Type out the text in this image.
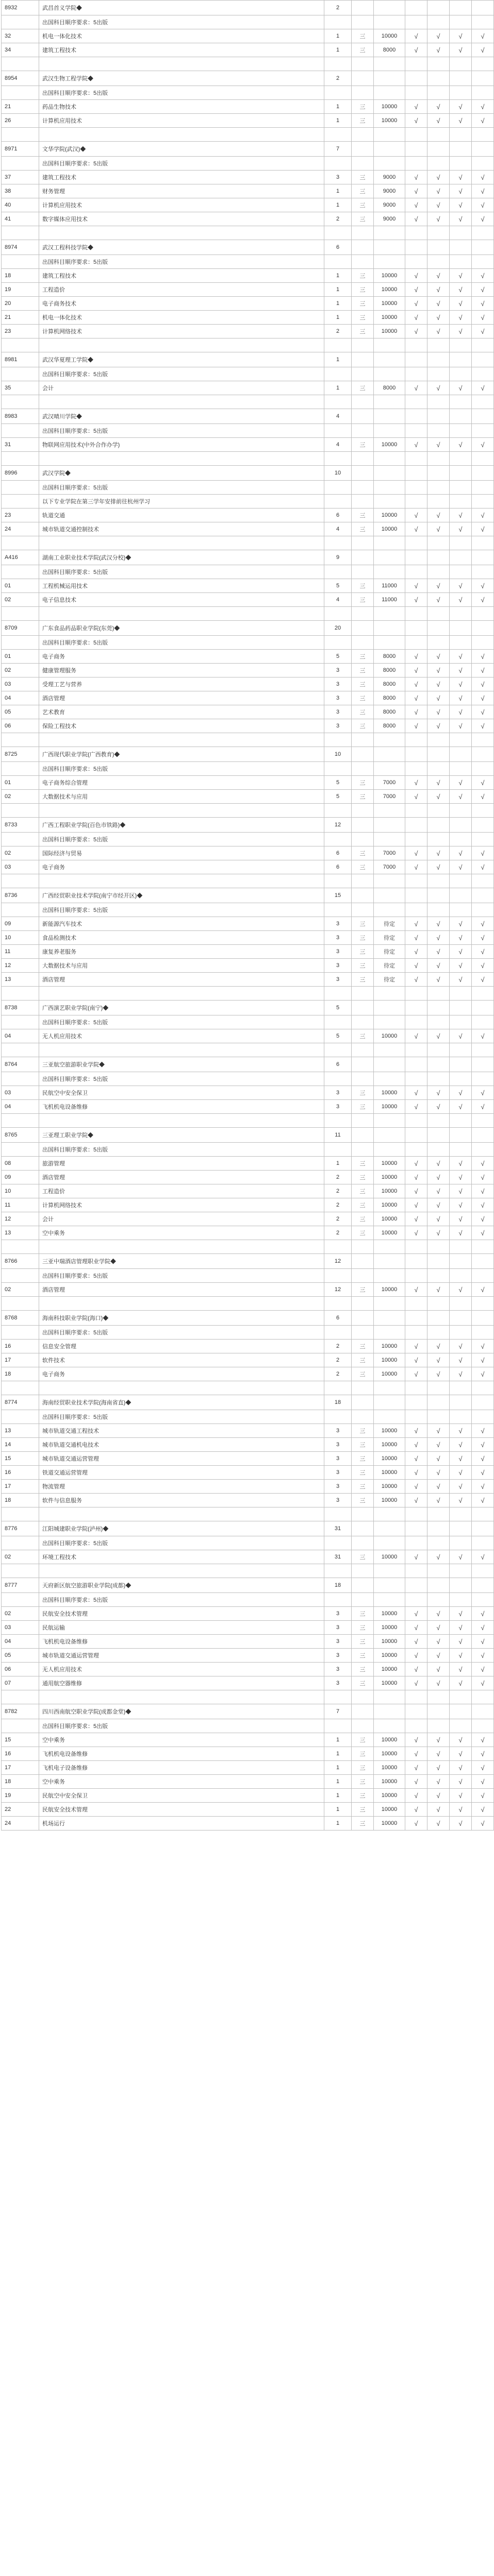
8932	武昌首义学院◆	2						
	出国科目顺序要求：5出版							
32	机电一体化技术	1	三	10000	√	√	√	√
34	建筑工程技术	1	三	8000	√	√	√	√

8954	武汉生物工程学院◆	2						
	出国科目顺序要求：5出版							
21	药品生物技术	1	三	10000	√	√	√	√
26	计算机应用技术	1	三	10000	√	√	√	√

8971	文华学院(武汉)◆	7						
	出国科目顺序要求：5出版							
37	建筑工程技术	3	三	9000	√	√	√	√
38	财务管理	1	三	9000	√	√	√	√
40	计算机应用技术	1	三	9000	√	√	√	√
41	数字媒体应用技术	2	三	9000	√	√	√	√

8974	武汉工程科技学院◆	6						
	出国科目顺序要求：5出版							
18	建筑工程技术	1	三	10000	√	√	√	√
19	工程造价	1	三	10000	√	√	√	√
20	电子商务技术	1	三	10000	√	√	√	√
21	机电一体化技术	1	三	10000	√	√	√	√
23	计算机网络技术	2	三	10000	√	√	√	√

8981	武汉华夏理工学院◆	1						
	出国科目顺序要求：5出版							
35	会计	1	三	8000	√	√	√	√

8983	武汉晴川学院◆	4						
	出国科目顺序要求：5出版							
31	物联网应用技术(中外合作办学)	4	三	10000	√	√	√	√

8996	武汉学院◆	10						
	出国科目顺序要求：5出版							
	以下专业学院在第三学年安排前往杭州学习							
23	轨道交通	6	三	10000	√	√	√	√
24	城市轨道交通控制技术	4	三	10000	√	√	√	√

A416	湖南工业职业技术学院(武汉分校)◆	9						
	出国科目顺序要求：5出版							
01	工程机械运用技术	5	三	11000	√	√	√	√
02	电子信息技术	4	三	11000	√	√	√	√

8709	广东食品药品职业学院(东莞)◆	20						
	出国科目顺序要求：5出版							
01	电子商务	5	三	8000	√	√	√	√
02	健康管理服务	3	三	8000	√	√	√	√
03	受理工艺与营养	3	三	8000	√	√	√	√
04	酒店管理	3	三	8000	√	√	√	√
05	艺术教育	3	三	8000	√	√	√	√
06	保险工程技术	3	三	8000	√	√	√	√

8725	广西现代职业学院(广西教育)◆	10						
	出国科目顺序要求：5出版							
01	电子商务综合管理	5	三	7000	√	√	√	√
02	大数据技术与应用	5	三	7000	√	√	√	√

8733	广西工程职业学院(百色市铁路)◆	12						
	出国科目顺序要求：5出版							
02	国际经济与贸易	6	三	7000	√	√	√	√
03	电子商务	6	三	7000	√	√	√	√

8736	广西经贸职业技术学院(南宁市经开区)◆	15						
	出国科目顺序要求：5出版							
09	新能源汽车技术	3	三	待定	√	√	√	√
10	食品检测技术	3	三	待定	√	√	√	√
11	康复养老服务	3	三	待定	√	√	√	√
12	大数据技术与应用	3	三	待定	√	√	√	√
13	酒店管理	3	三	待定	√	√	√	√

8738	广西演艺职业学院(南宁)◆	5						
	出国科目顺序要求：5出版							
04	无人机应用技术	5	三	10000	√	√	√	√

8764	三亚航空旅游职业学院◆	6						
	出国科目顺序要求：5出版							
03	民航空中安全保卫	3	三	10000	√	√	√	√
04	飞机机电设备维修	3	三	10000	√	√	√	√

8765	三亚理工职业学院◆	11						
	出国科目顺序要求：5出版							
08	旅游管理	1	三	10000	√	√	√	√
09	酒店管理	2	三	10000	√	√	√	√
10	工程造价	2	三	10000	√	√	√	√
11	计算机网络技术	2	三	10000	√	√	√	√
12	会计	2	三	10000	√	√	√	√
13	空中乘务	2	三	10000	√	√	√	√

8766	三亚中瑞酒店管理职业学院◆	12						
	出国科目顺序要求：5出版							
02	酒店管理	12	三	10000	√	√	√	√

8768	海南科技职业学院(海口)◆	6						
	出国科目顺序要求：5出版							
16	信息安全管理	2	三	10000	√	√	√	√
17	软件技术	2	三	10000	√	√	√	√
18	电子商务	2	三	10000	√	√	√	√

8774	海南经贸职业技术学院(海南省直)◆	18						
	出国科目顺序要求：5出版							
13	城市轨道交通工程技术	3	三	10000	√	√	√	√
14	城市轨道交通机电技术	3	三	10000	√	√	√	√
15	城市轨道交通运营管理	3	三	10000	√	√	√	√
16	铁道交通运营管理	3	三	10000	√	√	√	√
17	物流管理	3	三	10000	√	√	√	√
18	软件与信息服务	3	三	10000	√	√	√	√

8776	江阳城建职业学院(泸州)◆	31						
	出国科目顺序要求：5出版							
02	环境工程技术	31	三	10000	√	√	√	√

8777	天府新区航空旅游职业学院(成都)◆	18						
	出国科目顺序要求：5出版							
02	民航安全技术管理	3	三	10000	√	√	√	√
03	民航运输	3	三	10000	√	√	√	√
04	飞机机电设备维修	3	三	10000	√	√	√	√
05	城市轨道交通运营管理	3	三	10000	√	√	√	√
06	无人机应用技术	3	三	10000	√	√	√	√
07	通用航空器维修	3	三	10000	√	√	√	√

8782	四川西南航空职业学院(成都金堂)◆	7						
	出国科目顺序要求：5出版							
15	空中乘务	1	三	10000	√	√	√	√
16	飞机机电设备维修	1	三	10000	√	√	√	√
17	飞机电子设备维修	1	三	10000	√	√	√	√
18	空中乘务	1	三	10000	√	√	√	√
19	民航空中安全保卫	1	三	10000	√	√	√	√
22	民航安全技术管理	1	三	10000	√	√	√	√
24	机场运行	1	三	10000	√	√	√	√
